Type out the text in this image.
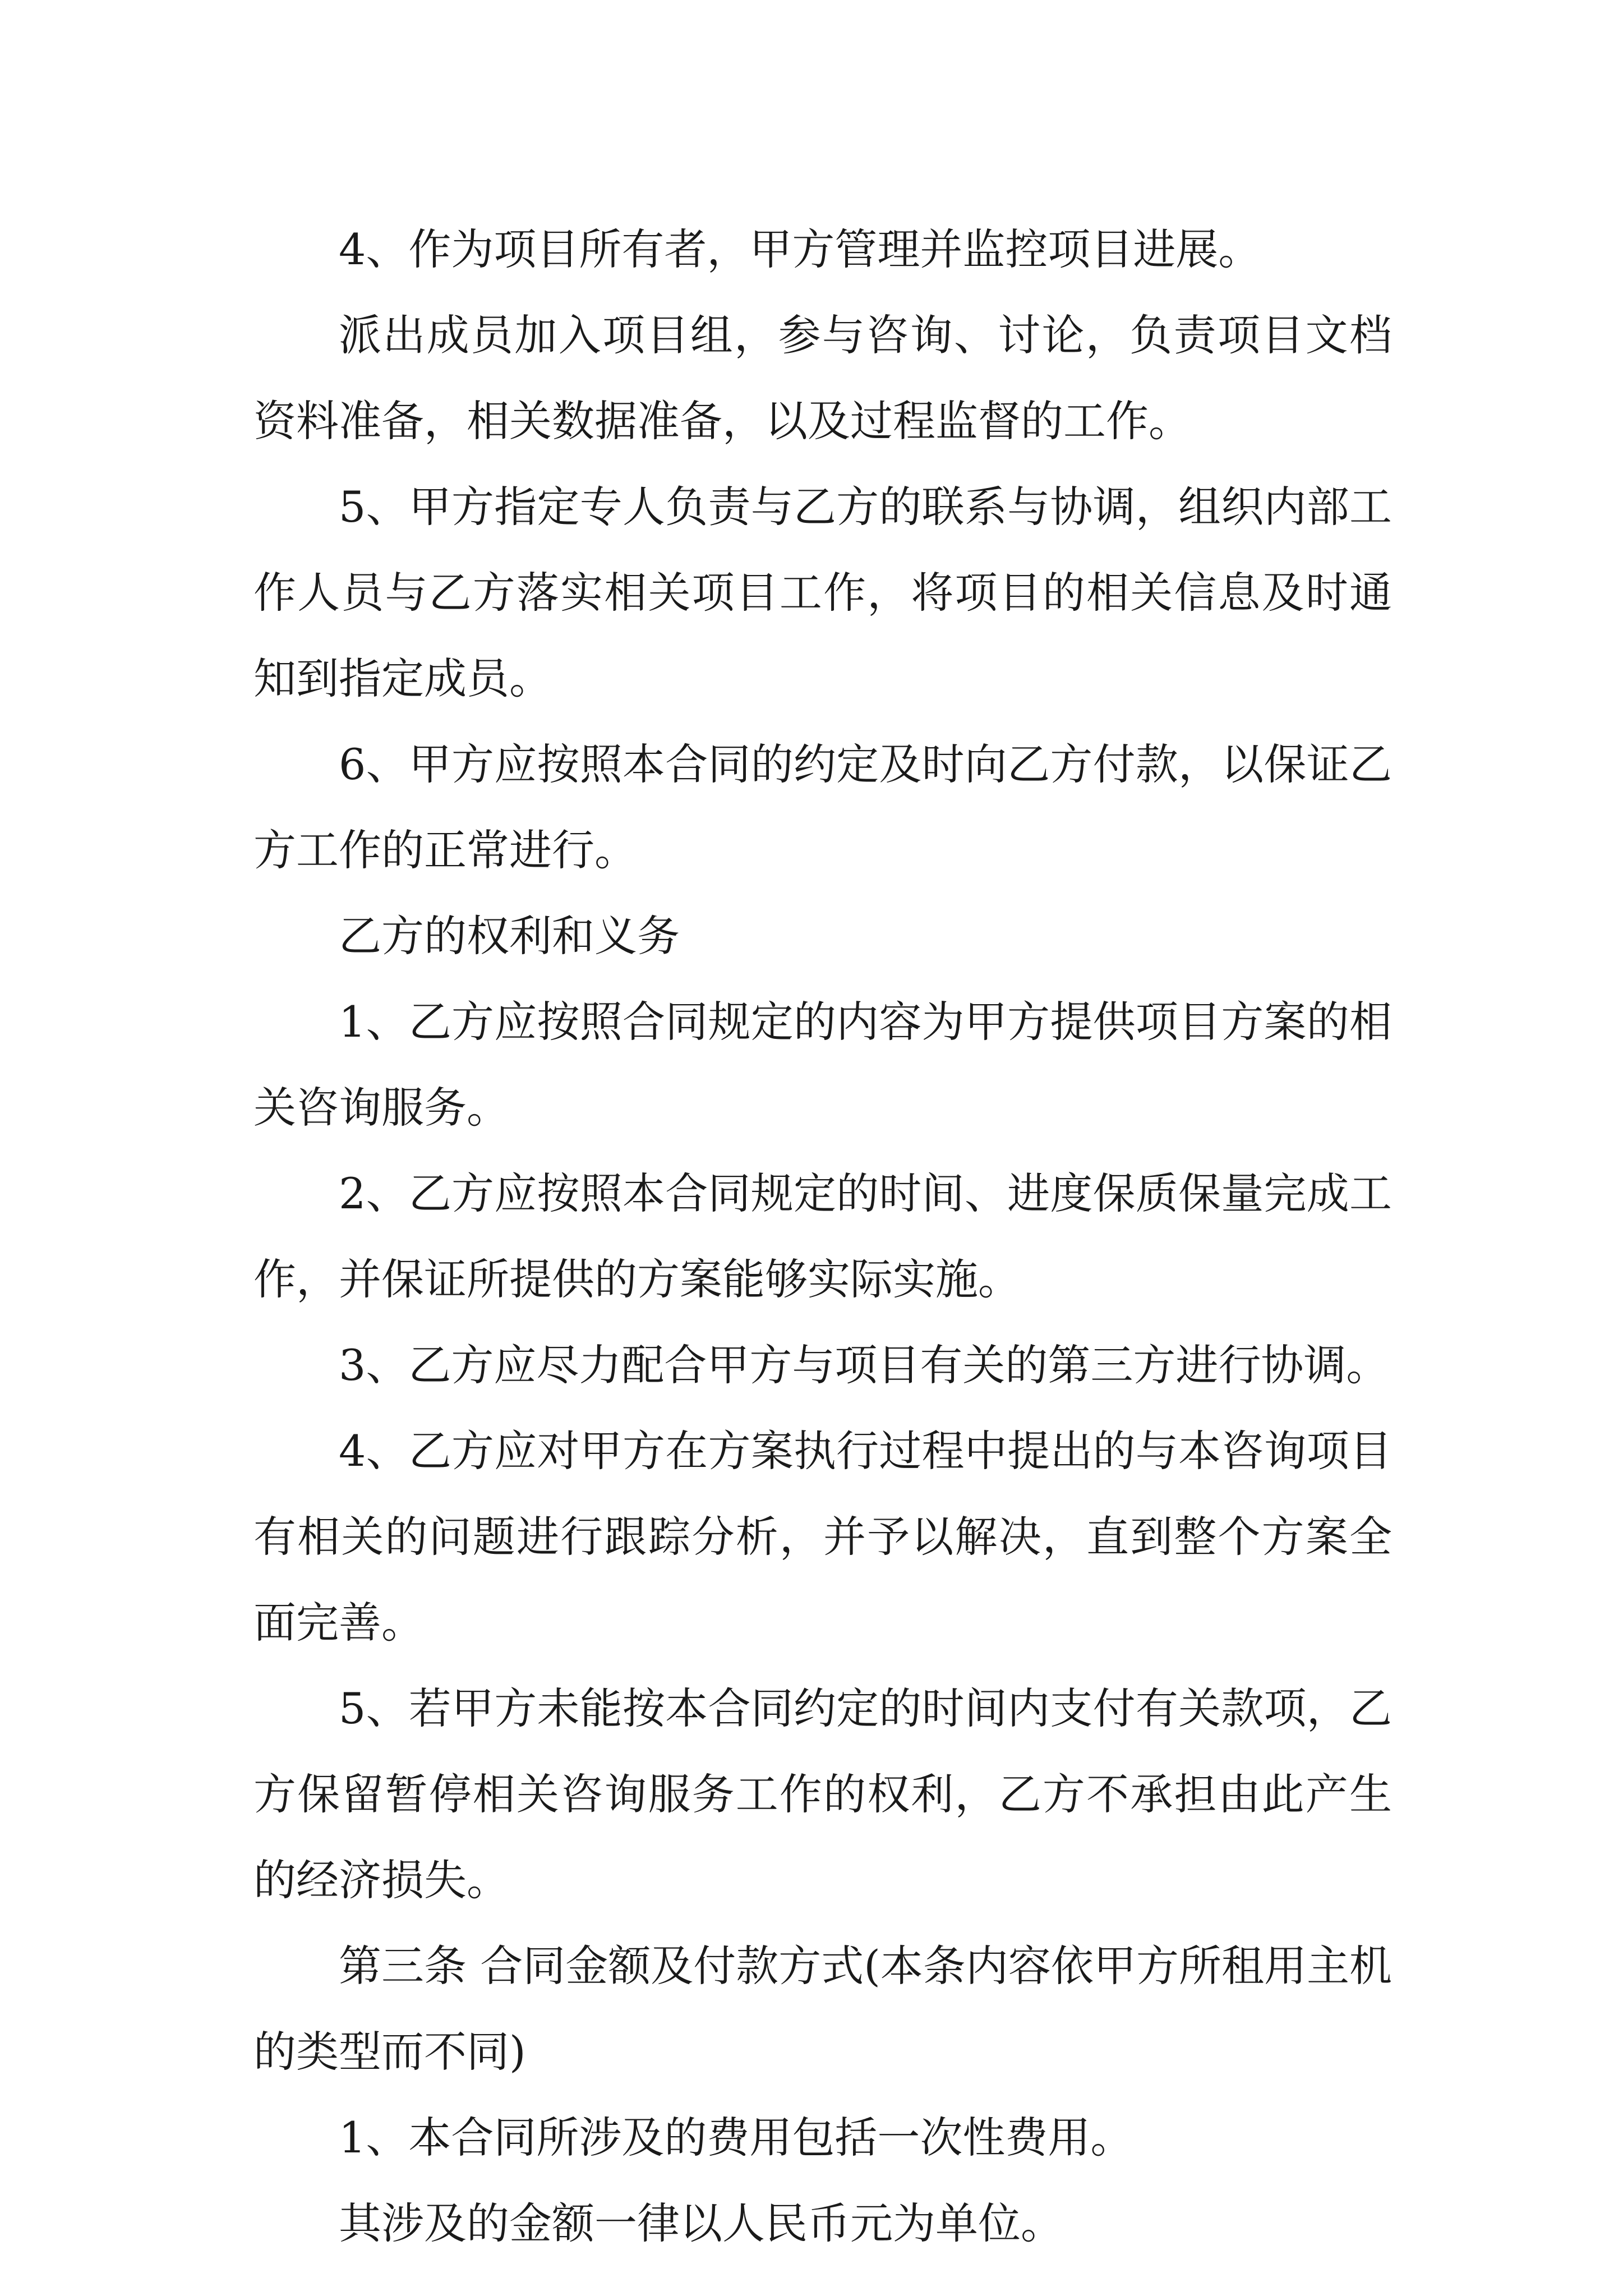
4、作为项目所有者，甲方管理并监控项目进展。

派出成员加入项目组，参与咨询、讨论，负责项目文档资料准备，相关数据准备，以及过程监督的工作。

5、甲方指定专人负责与乙方的联系与协调，组织内部工作人员与乙方落实相关项目工作，将项目的相关信息及时通知到指定成员。

6、甲方应按照本合同的约定及时向乙方付款，以保证乙方工作的正常进行。

乙方的权利和义务

1、乙方应按照合同规定的内容为甲方提供项目方案的相关咨询服务。

2、乙方应按照本合同规定的时间、进度保质保量完成工作，并保证所提供的方案能够实际实施。

3、乙方应尽力配合甲方与项目有关的第三方进行协调。

4、乙方应对甲方在方案执行过程中提出的与本咨询项目有相关的问题进行跟踪分析，并予以解决，直到整个方案全面完善。

5、若甲方未能按本合同约定的时间内支付有关款项，乙方保留暂停相关咨询服务工作的权利，乙方不承担由此产生的经济损失。

第三条 合同金额及付款方式(本条内容依甲方所租用主机的类型而不同)

1、本合同所涉及的费用包括一次性费用。

其涉及的金额一律以人民币元为单位。
